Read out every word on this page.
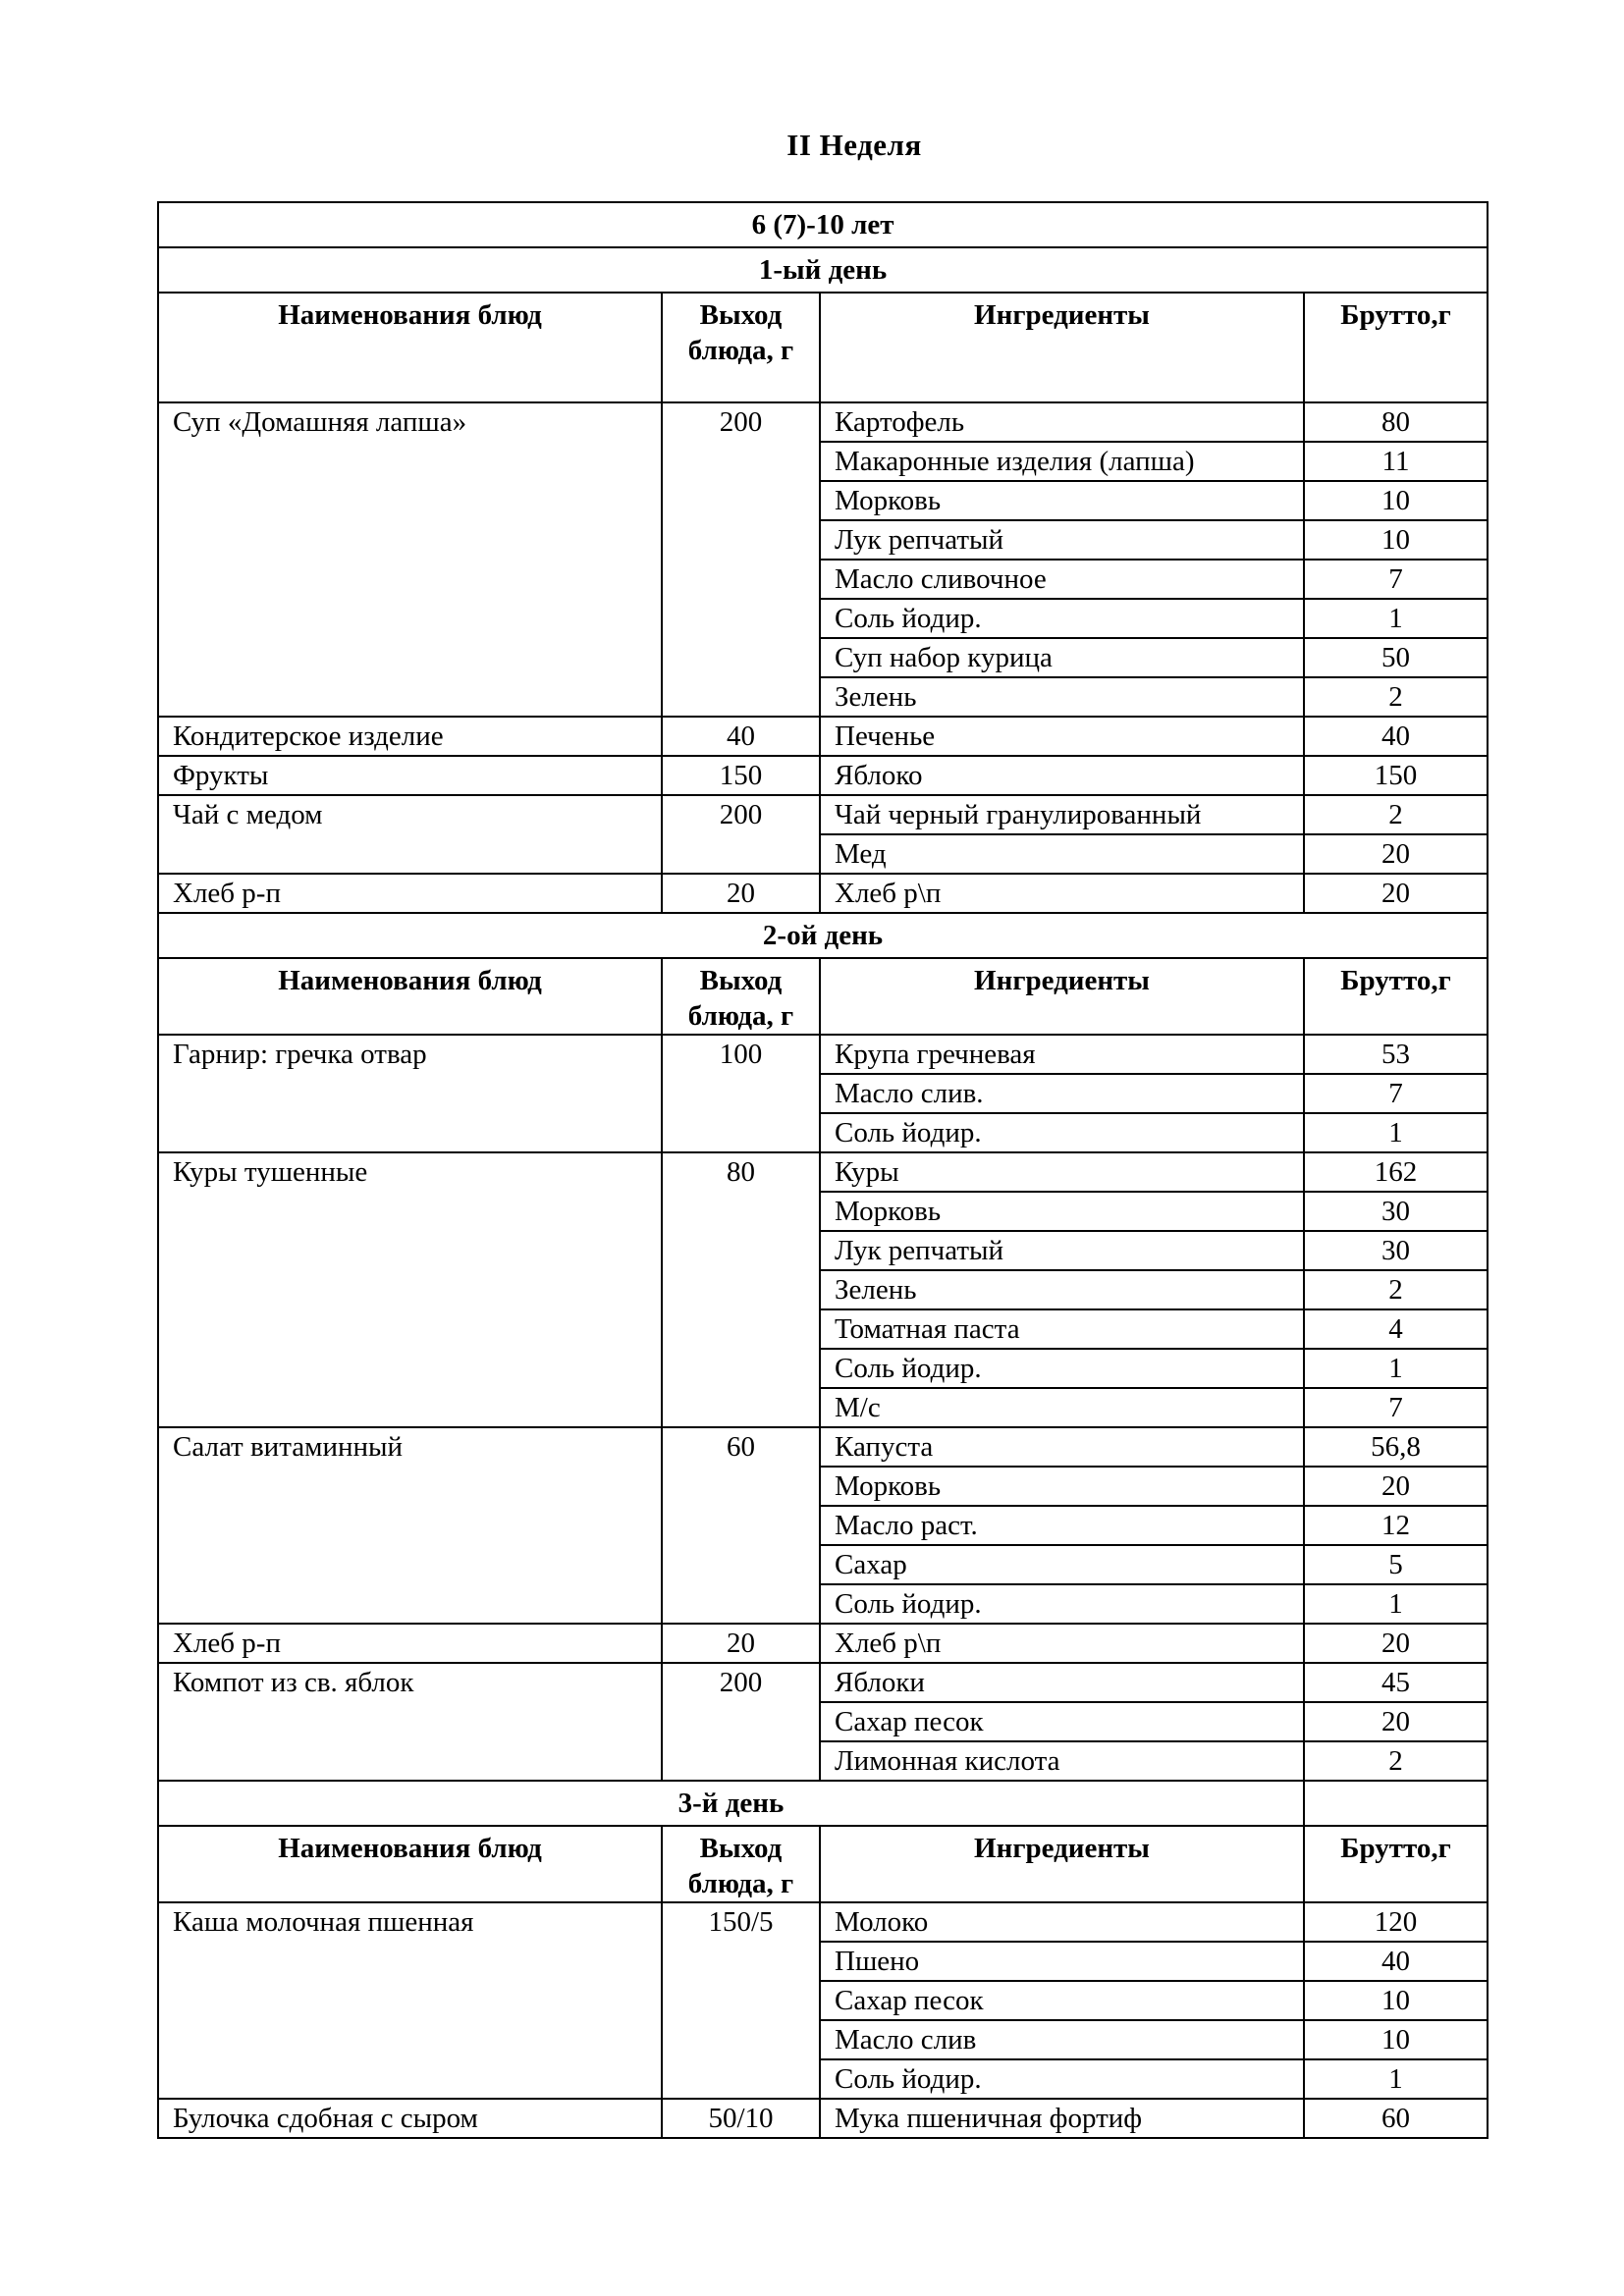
II Неделя
6 (7)-10 лет			
1-ый день			
Наименования блюд	Выход блюда, г	Ингредиенты	Брутто,г
Суп «Домашняя лапша»	200	Картофель	80
		Макаронные изделия (лапша)	11
		Морковь	10
		Лук репчатый	10
		Масло сливочное	7
		Соль йодир.	1
		Суп набор курица	50
		Зелень	2
Кондитерское изделие	40	Печенье	40
Фрукты	150	Яблоко	150
Чай с медом	200	Чай черный гранулированный	2
		Мед	20
Хлеб р-п	20	Хлеб р\п	20
2-ой день			
Наименования блюд	Выход блюда, г	Ингредиенты	Брутто,г
Гарнир: гречка отвар	100	Крупа гречневая	53
		Масло слив.	7
		Соль йодир.	1
Куры тушенные	80	Куры	162
		Морковь	30
		Лук репчатый	30
		Зелень	2
		Томатная паста	4
		Соль йодир.	1
		М/с	7
Салат витаминный	60	Капуста	56,8
		Морковь	20
		Масло раст.	12
		Сахар	5
		Соль йодир.	1
Хлеб р-п	20	Хлеб р\п	20
Компот из св. яблок	200	Яблоки	45
		Сахар песок	20
		Лимонная кислота	2
3-й день			
Наименования блюд	Выход блюда, г	Ингредиенты	Брутто,г
Каша молочная пшенная	150/5	Молоко	120
		Пшено	40
		Сахар песок	10
		Масло слив	10
		Соль йодир.	1
Булочка сдобная с сыром	50/10	Мука пшеничная фортиф	60
